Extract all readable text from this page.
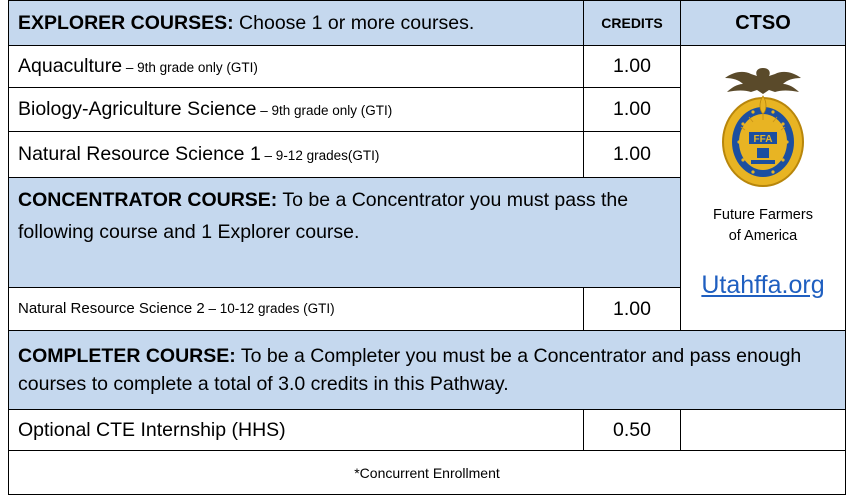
EXPLORER COURSES: Choose 1 or more courses.	CREDITS	CTSO
Aquaculture – 9th grade only (GTI)	1.00
Biology-Agriculture Science – 9th grade only (GTI)	1.00
Natural Resource Science 1 – 9-12 grades(GTI)	1.00
FFA
Future Farmers
of America
Utahffa.org
CONCENTRATOR COURSE: To be a Concentrator you must pass the following course and 1 Explorer course.
Natural Resource Science 2 – 10-12 grades (GTI)	1.00
COMPLETER COURSE: To be a Completer you must be a Concentrator and pass enough courses to complete a total of 3.0 credits in this Pathway.
Optional CTE Internship (HHS)	0.50
*Concurrent Enrollment
